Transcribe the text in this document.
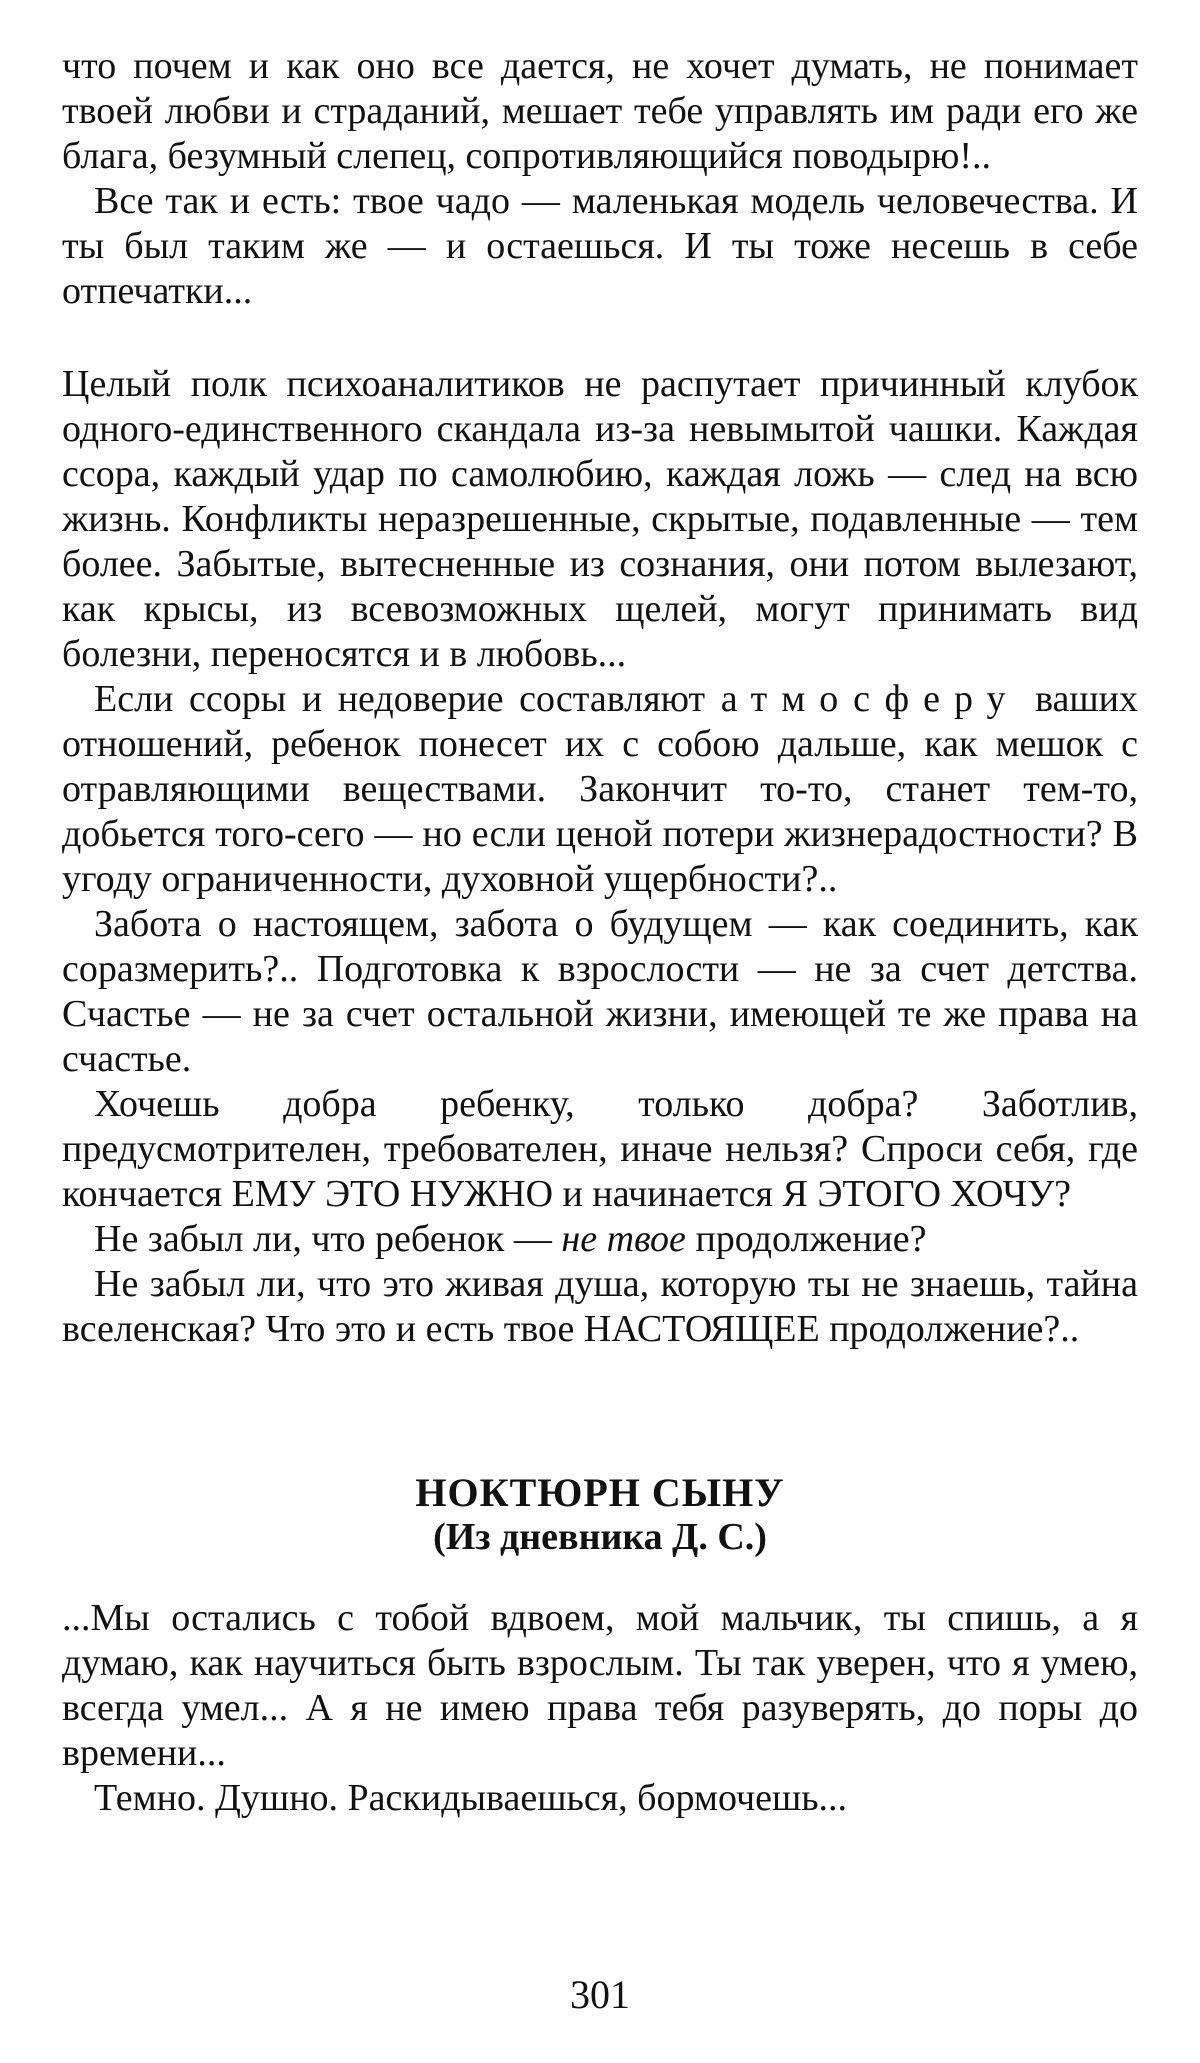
что почем и как оно все дается, не хочет думать, не понимает твоей любви и страданий, мешает тебе управлять им ради его же блага, безумный слепец, сопротивляющийся поводырю!..

Все так и есть: твое чадо — маленькая модель человечества. И ты был таким же — и остаешься. И ты тоже несешь в себе отпечатки...

Целый полк психоаналитиков не распутает причинный клубок одного-единственного скандала из-за невымытой чашки. Каждая ссора, каждый удар по самолюбию, каждая ложь — след на всю жизнь. Конфликты неразрешенные, скрытые, подавленные — тем более. Забытые, вытесненные из сознания, они потом вылезают, как крысы, из всевозможных щелей, могут принимать вид болезни, переносятся и в любовь...

Если ссоры и недоверие составляют атмосферу ваших отношений, ребенок понесет их с собою дальше, как мешок с отравляющими веществами. Закончит то-то, станет тем-то, добьется того-сего — но если ценой потери жизнерадостности? В угоду ограниченности, духовной ущербности?..

Забота о настоящем, забота о будущем — как соединить, как соразмерить?.. Подготовка к взрослости — не за счет детства. Счастье — не за счет остальной жизни, имеющей те же права на счастье.

Хочешь добра ребенку, только добра? Заботлив, предусмотрителен, требователен, иначе нельзя? Спроси себя, где кончается ЕМУ ЭТО НУЖНО и начинается Я ЭТОГО ХОЧУ?

Не забыл ли, что ребенок — не твое продолжение?

Не забыл ли, что это живая душа, которую ты не знаешь, тайна вселенская? Что это и есть твое НАСТОЯЩЕЕ продолжение?..

НОКТЮРН СЫНУ

(Из дневника Д. С.)

...Мы остались с тобой вдвоем, мой мальчик, ты спишь, а я думаю, как научиться быть взрослым. Ты так уверен, что я умею, всегда умел... А я не имею права тебя разуверять, до поры до времени...

Темно. Душно. Раскидываешься, бормочешь...

301
